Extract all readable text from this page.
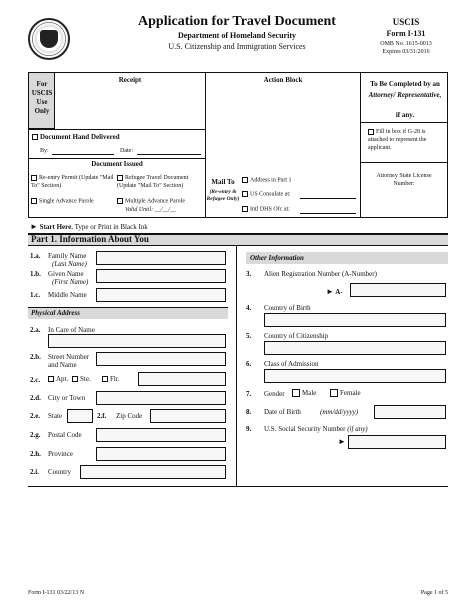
Application for Travel Document
Department of Homeland Security
U.S. Citizenship and Immigration Services
USCIS
Form I-131
OMB No. 1615-0013
Expires 03/31/2016
For USCIS Use Only
Receipt	Action Block
Document Hand Delivered
By:	Date:
Document Issued
Re-entry Permit (Update "Mail To" Section)
Refugee Travel Document (Update "Mail To" Section)
Single Advance Parole	Multiple Advance Parole
Valid Until: __/__/__
Mail To
(Re-entry & Refugee Only)
Address in Part 1
US Consulate at:
Intl DHS Ofc at:
To Be Completed by an
Attorney/ Representative,
if any.
Fill in box if G-28 is attached to represent the applicant.
Attorney State License Number:
► Start Here. Type or Print in Black Ink
Part 1. Information About You
1.a. Family Name
(Last Name)
1.b. Given Name
(First Name)
1.c. Middle Name
Physical Address
2.a. In Care of Name
2.b. Street Number and Name
2.c.	Apt.	Ste.	Flr.
2.d. City or Town
2.e. State	2.f. Zip Code
2.g. Postal Code
2.h. Province
2.i. Country
Other Information
3. Alien Registration Number (A-Number)
► A-
4. Country of Birth
5. Country of Citizenship
6. Class of Admission
7. Gender	Male	Female
8. Date of Birth	(mm/dd/yyyy)
9. U.S. Social Security Number (if any)
►
Form I-131 03/22/13 N	Page 1 of 5
